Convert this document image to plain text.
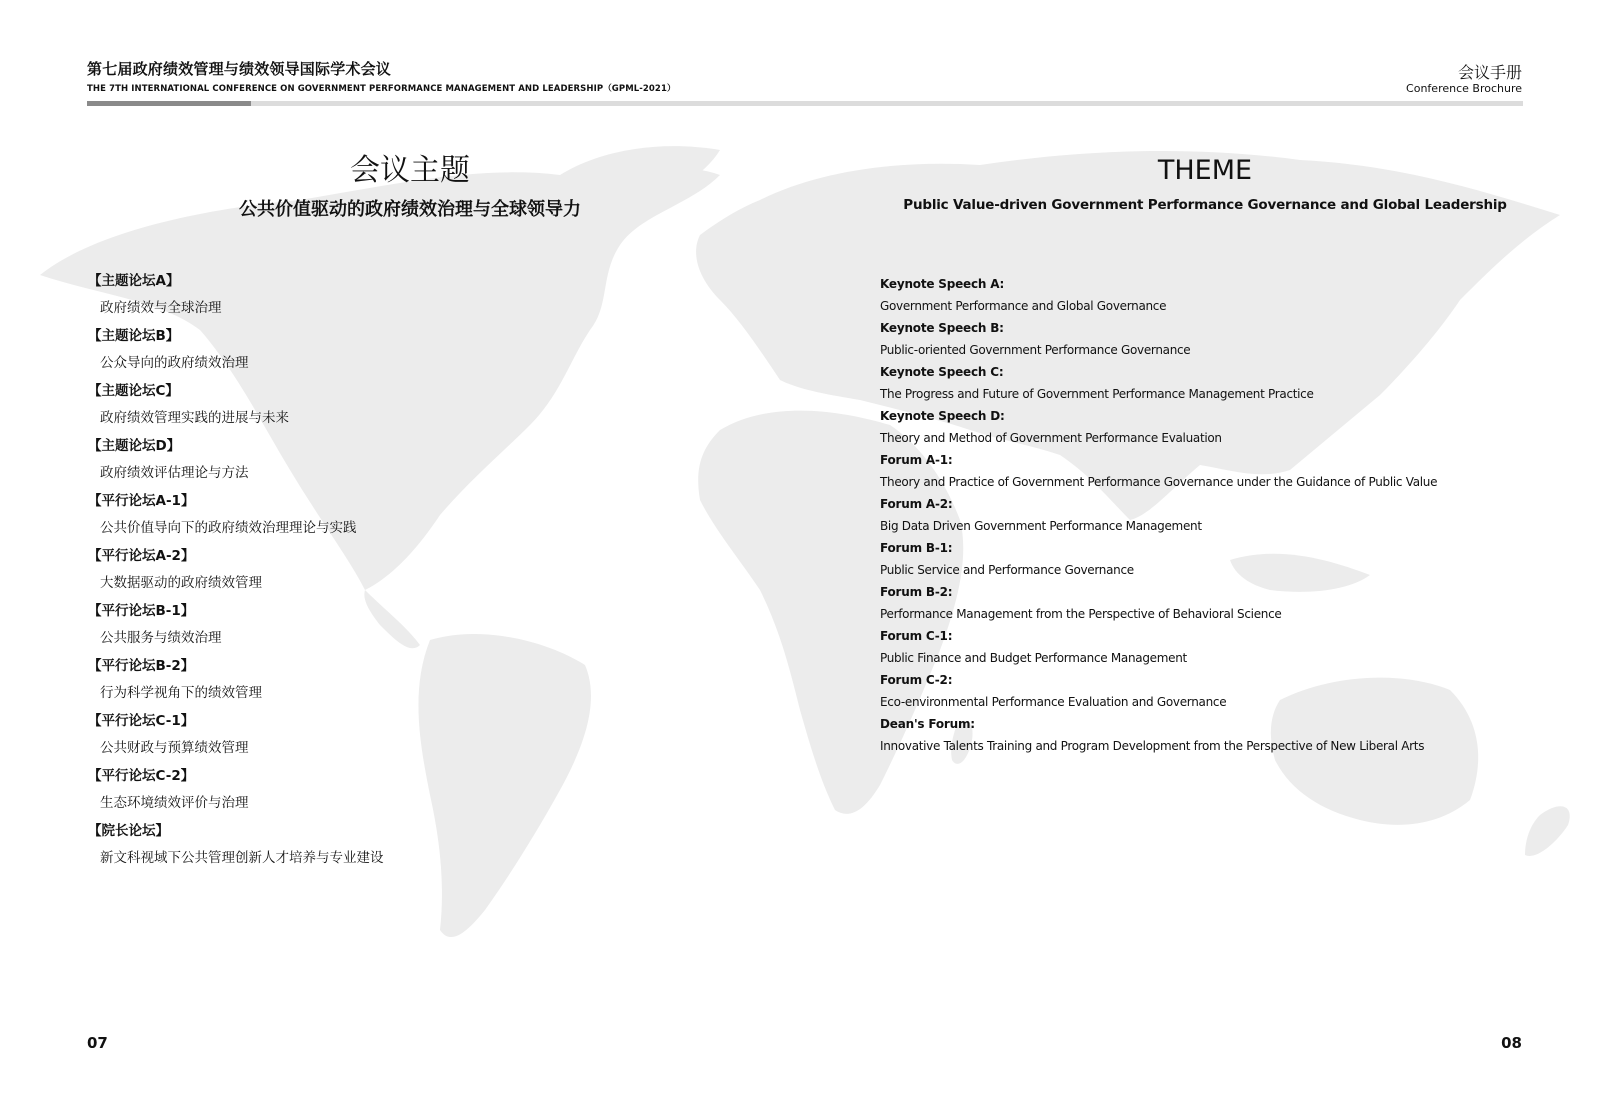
第七届政府绩效管理与绩效领导国际学术会议
THE 7TH INTERNATIONAL CONFERENCE ON GOVERNMENT PERFORMANCE MANAGEMENT AND LEADERSHIP（GPML-2021）
会议手册
Conference Brochure
会议主题
公共价值驱动的政府绩效治理与全球领导力
THEME
Public Value-driven Government Performance Governance and Global Leadership
【主题论坛A】
政府绩效与全球治理
【主题论坛B】
公众导向的政府绩效治理
【主题论坛C】
政府绩效管理实践的进展与未来
【主题论坛D】
政府绩效评估理论与方法
【平行论坛A-1】
公共价值导向下的政府绩效治理理论与实践
【平行论坛A-2】
大数据驱动的政府绩效管理
【平行论坛B-1】
公共服务与绩效治理
【平行论坛B-2】
行为科学视角下的绩效管理
【平行论坛C-1】
公共财政与预算绩效管理
【平行论坛C-2】
生态环境绩效评价与治理
【院长论坛】
新文科视域下公共管理创新人才培养与专业建设
Keynote Speech A:
Government Performance and Global Governance
Keynote Speech B:
Public-oriented Government Performance Governance
Keynote Speech C:
The Progress and Future of Government Performance Management Practice
Keynote Speech D:
Theory and Method of Government Performance Evaluation
Forum A-1:
Theory and Practice of Government Performance Governance under the Guidance of Public Value
Forum A-2:
Big Data Driven Government Performance Management
Forum B-1:
Public Service and Performance Governance
Forum B-2:
Performance Management from the Perspective of Behavioral Science
Forum C-1:
Public Finance and Budget Performance Management
Forum C-2:
Eco-environmental Performance Evaluation and Governance
Dean's Forum:
Innovative Talents Training and Program Development from the Perspective of New Liberal Arts
07	08
